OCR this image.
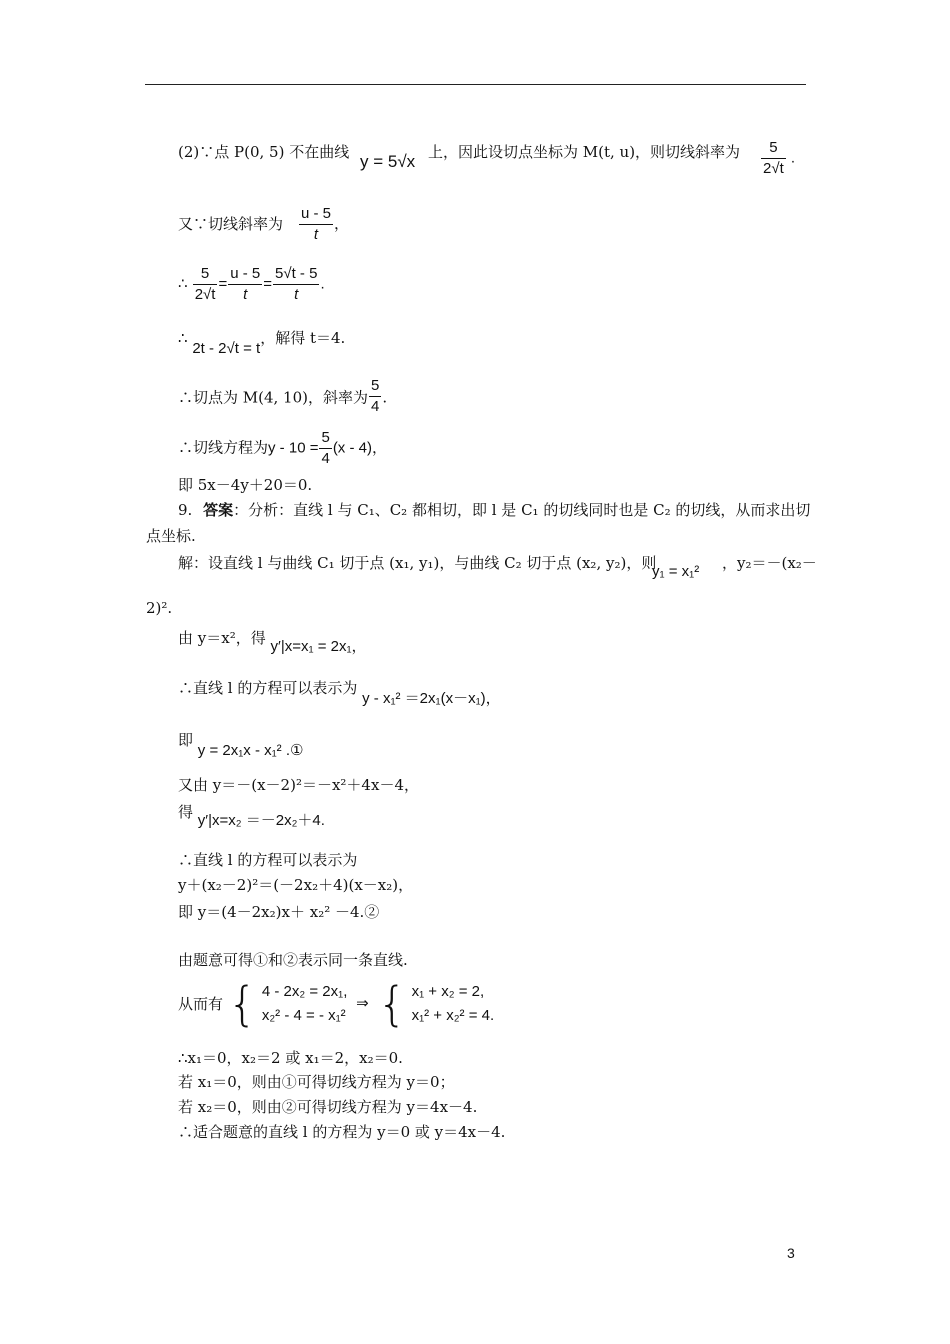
(2)∵点 P(0, 5) 不在曲线 y = 5√x 上，因此设切点坐标为 M(t, u)，则切线斜率为 $\frac{5}{2√t}$ .
又∵切线斜率为 $\frac{u - 5}{t}$ ，
∴ $\frac{5}{2√t} = \frac{u - 5}{t} = \frac{5√t - 5}{t}$ .
∴ 2t - 2√t = t，解得 t＝4.
∴切点为 M(4, 10)，斜率为 $\frac{5}{4}$ .
∴切线方程为$y - 10 = \frac{5}{4} (x - 4)$，
即 5x－4y＋20＝0.
9. 答案：分析：直线 l 与 C₁、C₂ 都相切，即 l 是 C₁ 的切线同时也是 C₂ 的切线，从而求出切
点坐标.
解：设直线 l 与曲线 C₁ 切于点 (x₁, y₁)，与曲线 C₂ 切于点 (x₂, y₂)，则
y₁ = x₁² ，y₂＝－(x₂－
2)².
由 y＝x²，得 y′|x=x₁ = 2x₁，
∴直线 l 的方程可以表示为 y - x₁² ＝2x₁(x－x₁)，
即 y = 2x₁x - x₁² .①
又由 y＝－(x－2)²＝－x²＋4x－4，
得 y′|x=x₂ ＝－2x₂＋4.
∴直线 l 的方程可以表示为
y＋(x₂－2)²＝(－2x₂＋4)(x－x₂)，
即 y＝(4－2x₂)x＋ x₂² －4.②
由题意可得①和②表示同一条直线.
从而有 { 4 - 2x₂ = 2x₁,
x₂² - 4 = - x₁²
⇒ { x₁ + x₂ = 2,
x₁² + x₂² = 4.
∴x₁＝0，x₂＝2 或 x₁＝2，x₂＝0.
若 x₁＝0，则由①可得切线方程为 y＝0；
若 x₂＝0，则由②可得切线方程为 y＝4x－4.
∴适合题意的直线 l 的方程为 y＝0 或 y＝4x－4.
3
